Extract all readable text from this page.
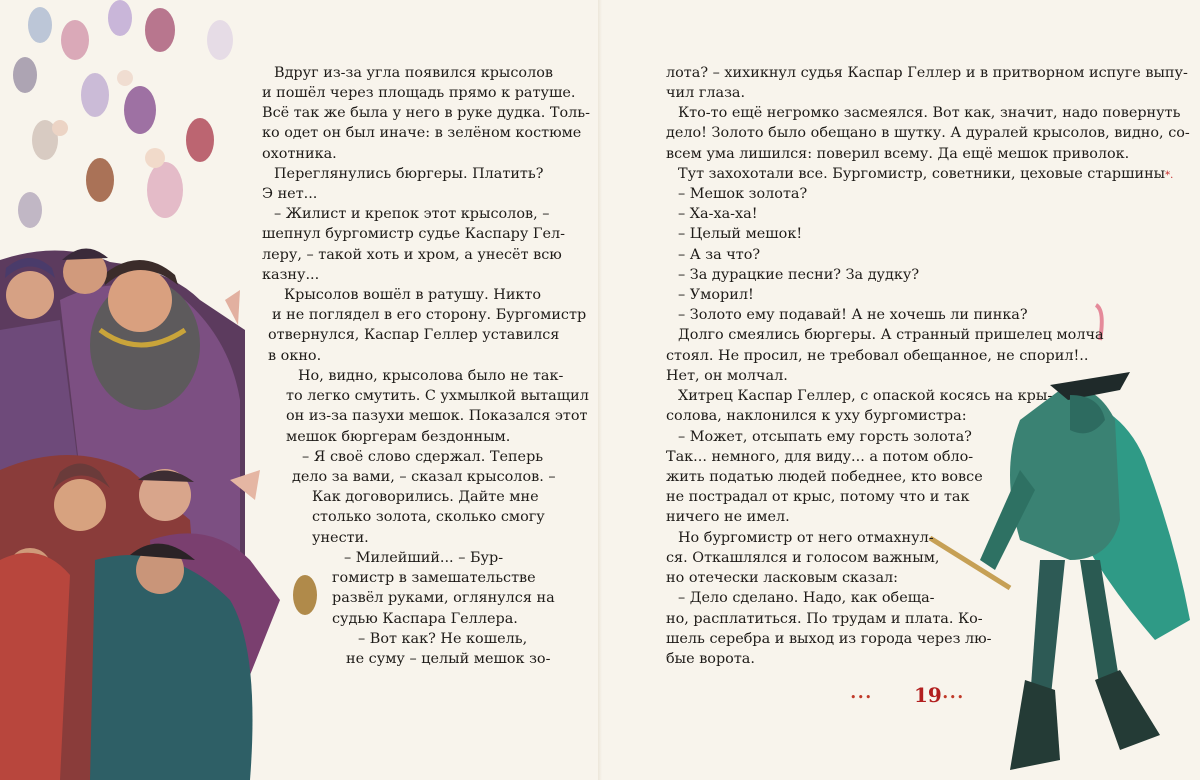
Вдруг из-за угла появился крысолов
и пошёл через площадь прямо к ратуше.
Всё так же была у него в руке дудка. Толь-
ко одет он был иначе: в зелёном костюме
охотника.
Переглянулись бюргеры. Платить?
Э нет...
– Жилист и крепок этот крысолов, –
шепнул бургомистр судье Каспару Гел-
леру, – такой хоть и хром, а унесёт всю
казну...
Крысолов вошёл в ратушу. Никто
и не поглядел в его сторону. Бургомистр
отвернулся, Каспар Геллер уставился
в окно.
Но, видно, крысолова было не так-
то легко смутить. С ухмылкой вытащил
он из-за пазухи мешок. Показался этот
мешок бюргерам бездонным.
– Я своё слово сдержал. Теперь
дело за вами, – сказал крысолов. –
Как договорились. Дайте мне
столько золота, сколько смогу
унести.
– Милейший... – Бур-
гомистр в замешательстве
развёл руками, оглянулся на
судью Каспара Геллера.
– Вот как? Не кошель,
не суму – целый мешок зо-
лота? – хихикнул судья Каспар Геллер и в притворном испуге выпу-
чил глаза.
Кто-то ещё негромко засмеялся. Вот как, значит, надо повернуть
дело! Золото было обещано в шутку. А дуралей крысолов, видно, со-
всем ума лишился: поверил всему. Да ещё мешок приволок.
Тут захохотали все. Бургомистр, советники, цеховые старшины*.
– Мешок золота?
– Ха-ха-ха!
– Целый мешок!
– А за что?
– За дурацкие песни? За дудку?
– Уморил!
– Золото ему подавай! А не хочешь ли пинка?
Долго смеялись бюргеры. А странный пришелец молча
стоял. Не просил, не требовал обещанное, не спорил!..
Нет, он молчал.
Хитрец Каспар Геллер, с опаской косясь на кры-
солова, наклонился к уху бургомистра:
– Может, отсыпать ему горсть золота?
Так... немного, для виду... а потом обло-
жить податью людей победнее, кто вовсе
не пострадал от крыс, потому что и так
ничего не имел.
Но бургомистр от него отмахнул-
ся. Откашлялся и голосом важным,
но отечески ласковым сказал:
– Дело сделано. Надо, как обеща-
но, расплатиться. По трудам и плата. Ко-
шель серебра и выход из города через лю-
бые ворота.
••• 19 •••
